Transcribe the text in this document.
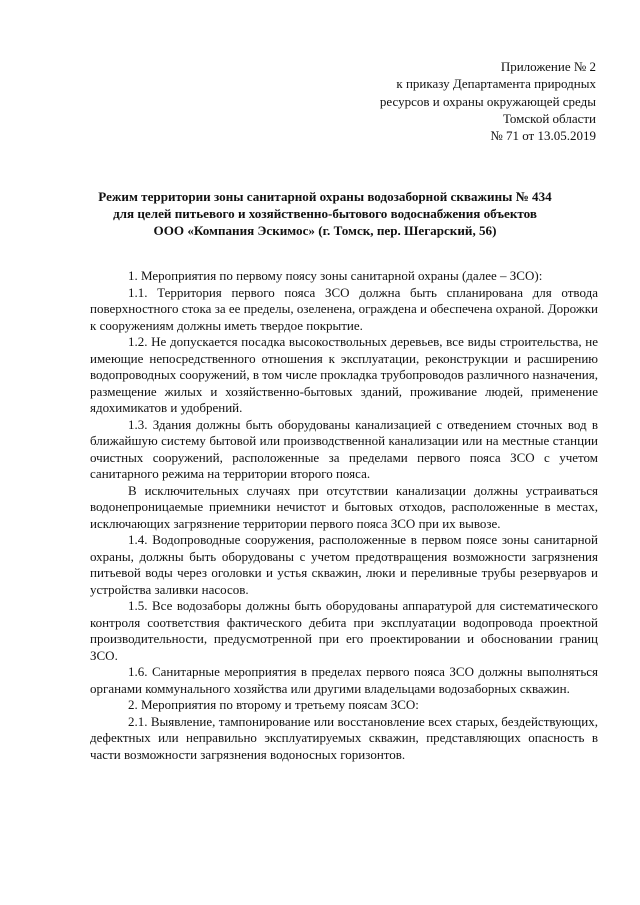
Приложение № 2
к приказу Департамента природных
ресурсов и охраны окружающей среды
Томской области
№ 71 от 13.05.2019
Режим территории зоны санитарной охраны водозаборной скважины № 434
для целей питьевого и хозяйственно-бытового водоснабжения объектов
ООО «Компания Эскимос» (г. Томск, пер. Шегарский, 56)

1. Мероприятия по первому поясу зоны санитарной охраны (далее – ЗСО):

1.1. Территория первого пояса ЗСО должна быть спланирована для отвода поверхностного стока за ее пределы, озеленена, ограждена и обеспечена охраной. Дорожки к сооружениям должны иметь твердое покрытие.

1.2. Не допускается посадка высокоствольных деревьев, все виды строительства, не имеющие непосредственного отношения к эксплуатации, реконструкции и расширению водопроводных сооружений, в том числе прокладка трубопроводов различного назначения, размещение жилых и хозяйственно-бытовых зданий, проживание людей, применение ядохимикатов и удобрений.

1.3. Здания должны быть оборудованы канализацией с отведением сточных вод в ближайшую систему бытовой или производственной канализации или на местные станции очистных сооружений, расположенные за пределами первого пояса ЗСО с учетом санитарного режима на территории второго пояса.

В исключительных случаях при отсутствии канализации должны устраиваться водонепроницаемые приемники нечистот и бытовых отходов, расположенные в местах, исключающих загрязнение территории первого пояса ЗСО при их вывозе.

1.4. Водопроводные сооружения, расположенные в первом поясе зоны санитарной охраны, должны быть оборудованы с учетом предотвращения возможности загрязнения питьевой воды через оголовки и устья скважин, люки и переливные трубы резервуаров и устройства заливки насосов.

1.5. Все водозаборы должны быть оборудованы аппаратурой для систематического контроля соответствия фактического дебита при эксплуатации водопровода проектной производительности, предусмотренной при его проектировании и обосновании границ ЗСО.

1.6. Санитарные мероприятия в пределах первого пояса ЗСО должны выполняться органами коммунального хозяйства или другими владельцами водозаборных скважин.

2. Мероприятия по второму и третьему поясам ЗСО:

2.1. Выявление, тампонирование или восстановление всех старых, бездействующих, дефектных или неправильно эксплуатируемых скважин, представляющих опасность в части возможности загрязнения водоносных горизонтов.
